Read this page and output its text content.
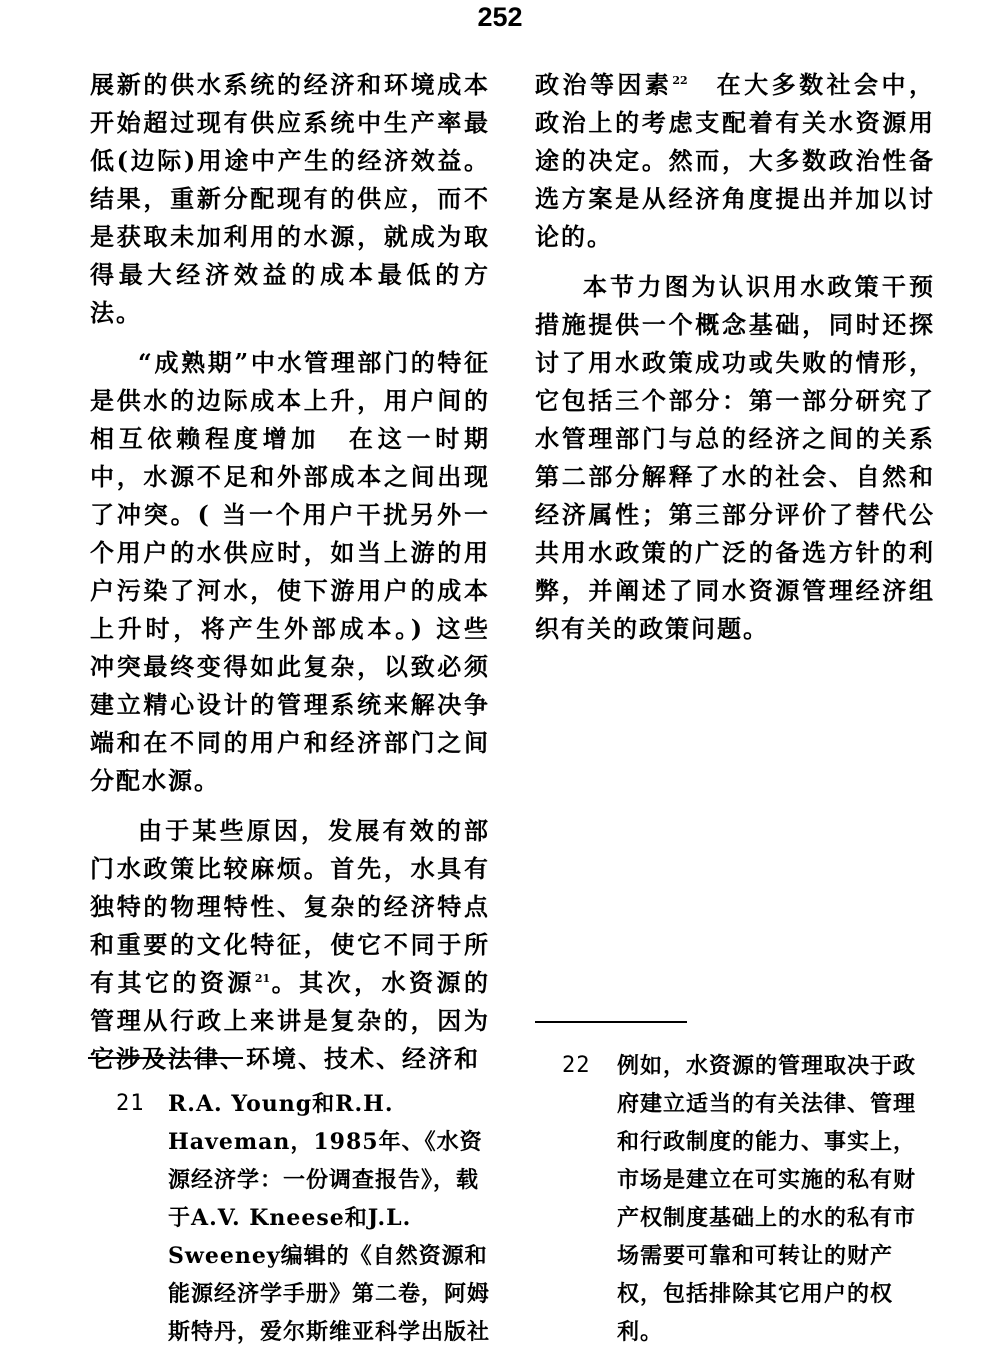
252

展新的供水系统的经济和环境成本开始超过现有供应系统中生产率最低(边际)用途中产生的经济效益。结果，重新分配现有的供应，而不是获取未加利用的水源，就成为取得最大经济效益的成本最低的方法。

“成熟期”中水管理部门的特征是供水的边际成本上升，用户间的相互依赖程度增加　在这一时期中，水源不足和外部成本之间出现了冲突。( 当一个用户干扰另外一个用户的水供应时，如当上游的用户污染了河水，使下游用户的成本上升时，将产生外部成本。) 这些冲突最终变得如此复杂，以致必须建立精心设计的管理系统来解决争端和在不同的用户和经济部门之间分配水源。

由于某些原因，发展有效的部门水政策比较麻烦。首先，水具有独特的物理特性、复杂的经济特点和重要的文化特征，使它不同于所有其它的资源$^{21}$。其次，水资源的管理从行政上来讲是复杂的，因为它涉及法律、环境、技术、经济和

政治等因素$^{22}$　在大多数社会中，政治上的考虑支配着有关水资源用途的决定。然而，大多数政治性备选方案是从经济角度提出并加以讨论的。

本节力图为认识用水政策干预措施提供一个概念基础，同时还探讨了用水政策成功或失败的情形，它包括三个部分：第一部分研究了水管理部门与总的经济之间的关系　第二部分解释了水的社会、自然和经济属性；第三部分评价了替代公共用水政策的广泛的备选方针的利弊，并阐述了同水资源管理经济组织有关的政策问题。

21 R.A. Young和R.H. Haveman，1985年、《水资源经济学：一份调查报告》，载于A.V. Kneese和J.L. Sweeney编辑的《自然资源和能源经济学手册》第二卷，阿姆斯特丹，爱尔斯维亚科学出版社
22 例如，水资源的管理取决于政府建立适当的有关法律、管理和行政制度的能力、事实上，市场是建立在可实施的私有财产权制度基础上的水的私有市场需要可靠和可转让的财产权，包括排除其它用户的权利。
